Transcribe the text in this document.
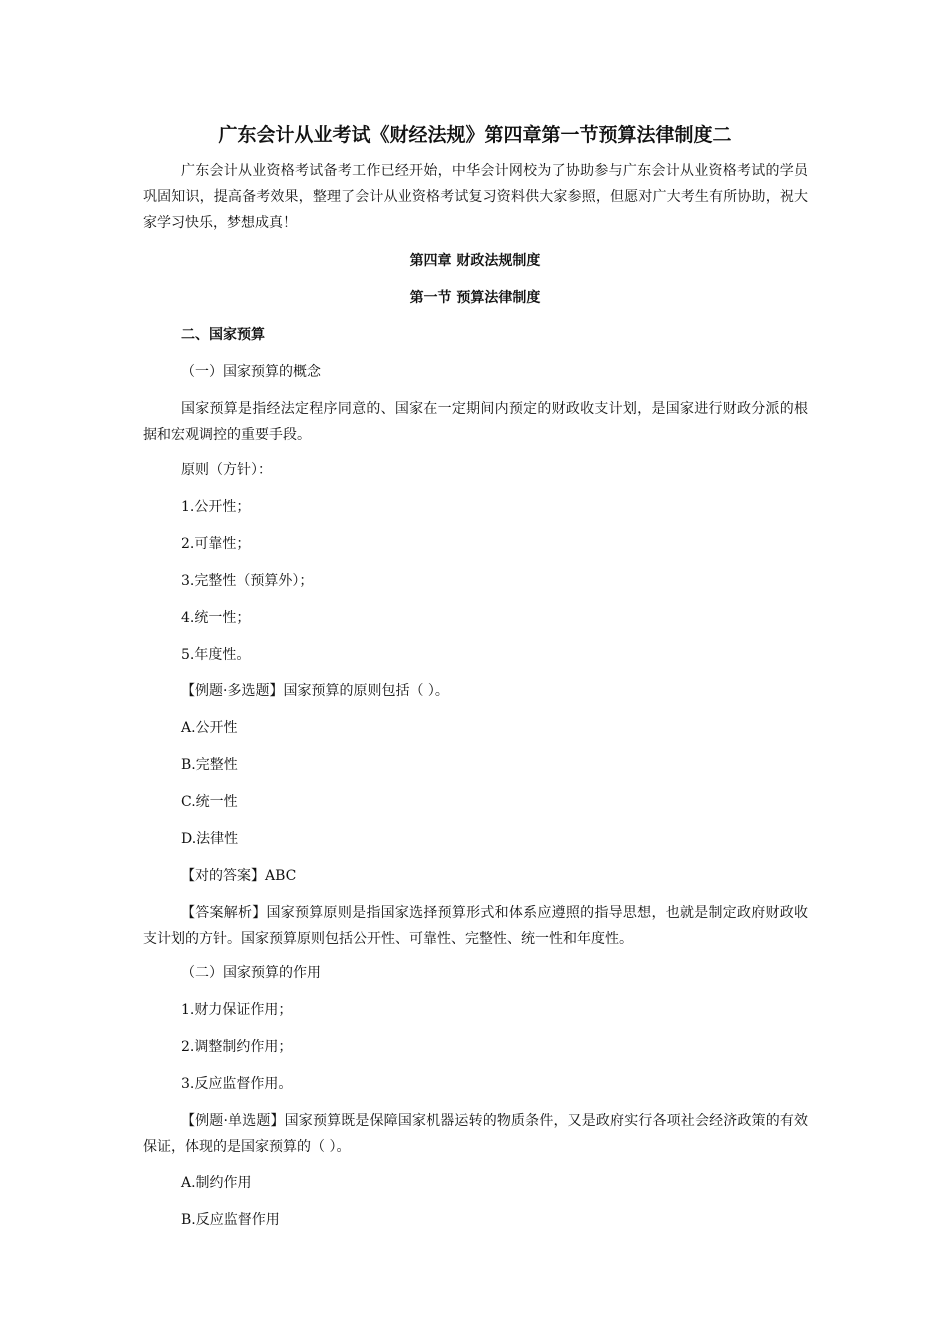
广东会计从业考试《财经法规》第四章第一节预算法律制度二
广东会计从业资格考试备考工作已经开始，中华会计网校为了协助参与广东会计从业资格考试的学员巩固知识，提高备考效果，整理了会计从业资格考试复习资料供大家参照，但愿对广大考生有所协助，祝大家学习快乐，梦想成真！
第四章 财政法规制度
第一节 预算法律制度
二、国家预算
（一）国家预算的概念
国家预算是指经法定程序同意的、国家在一定期间内预定的财政收支计划，是国家进行财政分派的根据和宏观调控的重要手段。
原则（方针）：
1.公开性；
2.可靠性；
3.完整性（预算外）；
4.统一性；
5.年度性。
【例题·多选题】国家预算的原则包括（ ）。
A.公开性
B.完整性
C.统一性
D.法律性
【对的答案】ABC
【答案解析】国家预算原则是指国家选择预算形式和体系应遵照的指导思想，也就是制定政府财政收支计划的方针。国家预算原则包括公开性、可靠性、完整性、统一性和年度性。
（二）国家预算的作用
1.财力保证作用；
2.调整制约作用；
3.反应监督作用。
【例题·单选题】国家预算既是保障国家机器运转的物质条件，又是政府实行各项社会经济政策的有效保证，体现的是国家预算的（ ）。
A.制约作用
B.反应监督作用
